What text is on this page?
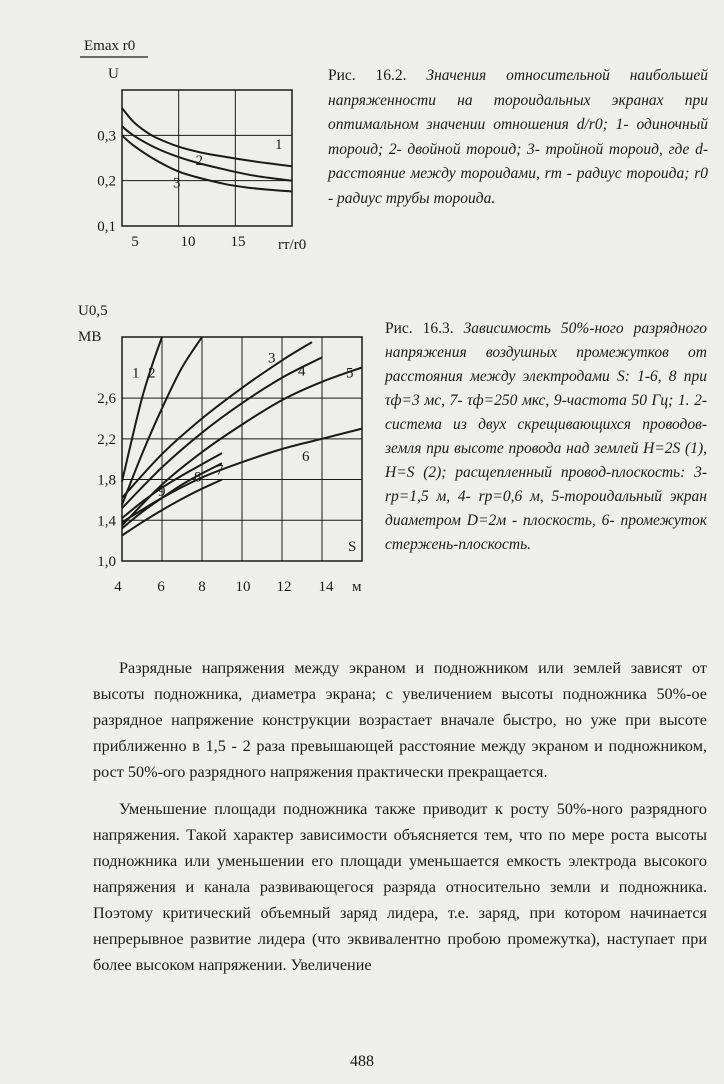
Emax r0
U
1
2
3
5	10 15
0,1
0,2
0,3
rт/r0
Рис. 16.2. Значения относительной наибольшей напряженности на тороидальных экранах при оптимальном значении отношения d/r0; 1- одиночный тороид; 2- двойной тороид; 3- тройной тороид, где d- расстояние между тороидами, rт - радиус тороида; r0 - радиус трубы тороида.
U0,5
МВ
1 2
3
4	5
6
7
8
9
4 6 8 10 12 14
1,0
1,4
1,8
2,2
2,6
S
м
Рис. 16.3. Зависимость 50%-ного разрядного напряжения воздушных промежутков от расстояния между электродами S: 1-6, 8 при τф=3 мс, 7- τф=250 мкс, 9-частота 50 Гц; 1. 2- система из двух скрещивающихся проводов-земля при высоте провода над землей H=2S (1), H=S (2); расщепленный провод-плоскость: 3- rр=1,5 м, 4- rр=0,6 м, 5-тороидальный экран диаметром D=2м - плоскость, 6- промежуток стержень-плоскость.

Разрядные напряжения между экраном и подножником или землей зависят от высоты подножника, диаметра экрана; с увеличением высоты подножника 50%-ое разрядное напряжение конструкции возрастает вначале быстро, но уже при высоте приближенно в 1,5 - 2 раза превышающей расстояние между экраном и подножником, рост 50%-ого разрядного напряжения практически прекращается.

Уменьшение площади подножника также приводит к росту 50%-ного разрядного напряжения. Такой характер зависимости объясняется тем, что по мере роста высоты подножника или уменьшении его площади уменьшается емкость электрода высокого напряжения и канала развивающегося разряда относительно земли и подножника. Поэтому критический объемный заряд лидера, т.е. заряд, при котором начинается непрерывное развитие лидера (что эквивалентно пробою промежутка), наступает при более высоком напряжении. Увеличение

488
